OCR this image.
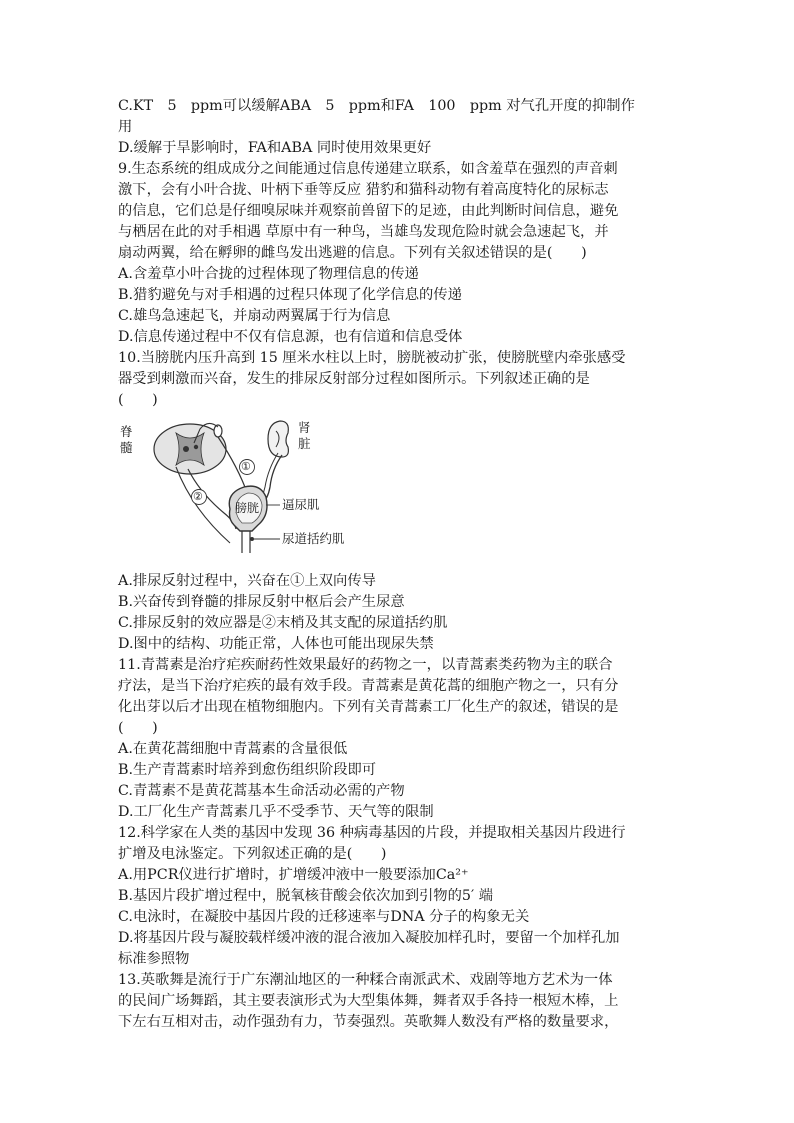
C.KT　5　ppm可以缓解ABA　5　ppm和FA　100　ppm 对气孔开度的抑制作
用
D.缓解于旱影响时，FA和ABA 同时使用效果更好
9.生态系统的组成成分之间能通过信息传递建立联系，如含羞草在强烈的声音刺
激下，会有小叶合拢、叶柄下垂等反应 猎豹和猫科动物有着高度特化的尿标志
的信息，它们总是仔细嗅尿味并观察前兽留下的足迹，由此判断时间信息，避免
与栖居在此的对手相遇 草原中有一种鸟，当雄鸟发现危险时就会急速起飞，并
扇动两翼，给在孵卵的雌鸟发出逃避的信息。下列有关叙述错误的是(　　)
A.含羞草小叶合拢的过程体现了物理信息的传递
B.猎豹避免与对手相遇的过程只体现了化学信息的传递
C.雄鸟急速起飞，并扇动两翼属于行为信息
D.信息传递过程中不仅有信息源，也有信道和信息受体
10.当膀胱内压升高到 15 厘米水柱以上时，膀胱被动扩张，使膀胱壁内牵张感受
器受到刺激而兴奋，发生的排尿反射部分过程如图所示。下列叙述正确的是
(　　)
脊
髓
肾
脏
①
②
膀胱 逼尿肌
尿道括约肌
A.排尿反射过程中，兴奋在①上双向传导
B.兴奋传到脊髓的排尿反射中枢后会产生尿意
C.排尿反射的效应器是②末梢及其支配的尿道括约肌
D.图中的结构、功能正常，人体也可能出现尿失禁
11.青蒿素是治疗疟疾耐药性效果最好的药物之一，以青蒿素类药物为主的联合
疗法，是当下治疗疟疾的最有效手段。青蒿素是黄花蒿的细胞产物之一，只有分
化出芽以后才出现在植物细胞内。下列有关青蒿素工厂化生产的叙述，错误的是
(　　)
A.在黄花蒿细胞中青蒿素的含量很低
B.生产青蒿素时培养到愈伤组织阶段即可
C.青蒿素不是黄花蒿基本生命活动必需的产物
D.工厂化生产青蒿素几乎不受季节、天气等的限制
12.科学家在人类的基因中发现 36 种病毒基因的片段，并提取相关基因片段进行
扩增及电泳鉴定。下列叙述正确的是(　　)
A.用PCR仪进行扩增时，扩增缓冲液中一般要添加Ca²⁺
B.基因片段扩增过程中，脱氧核苷酸会依次加到引物的5′ 端
C.电泳时，在凝胶中基因片段的迁移速率与DNA 分子的构象无关
D.将基因片段与凝胶载样缓冲液的混合液加入凝胶加样孔时，要留一个加样孔加
标准参照物
13.英歌舞是流行于广东潮汕地区的一种糅合南派武术、戏剧等地方艺术为一体
的民间广场舞蹈，其主要表演形式为大型集体舞，舞者双手各持一根短木棒，上
下左右互相对击，动作强劲有力，节奏强烈。英歌舞人数没有严格的数量要求，
